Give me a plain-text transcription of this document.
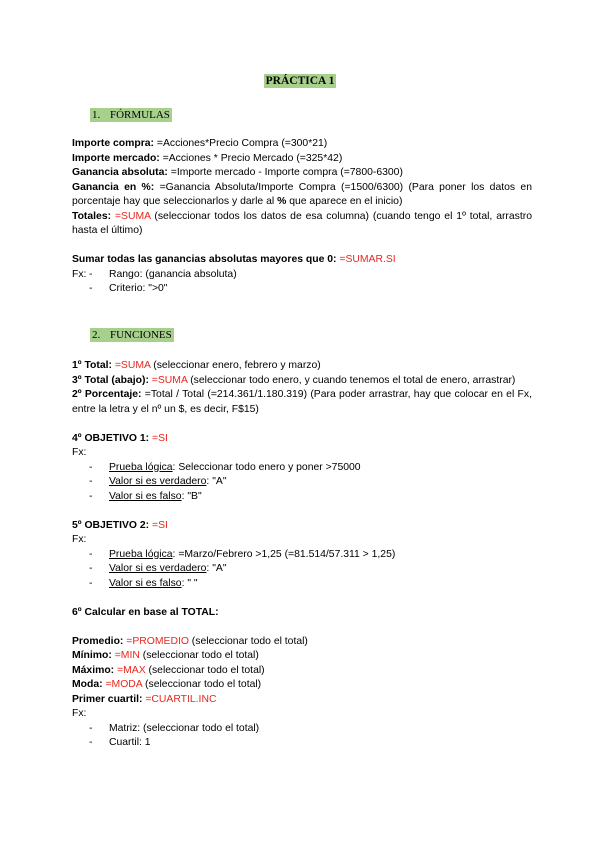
PRÁCTICA 1
1. FÓRMULAS
Importe compra: =Acciones*Precio Compra (=300*21)
Importe mercado: =Acciones * Precio Mercado (=325*42)
Ganancia absoluta: =Importe mercado - Importe compra (=7800-6300)
Ganancia en %: =Ganancia Absoluta/Importe Compra (=1500/6300) (Para poner los datos en porcentaje hay que seleccionarlos y darle al % que aparece en el inicio)
Totales: =SUMA (seleccionar todos los datos de esa columna) (cuando tengo el 1º total, arrastro hasta el último)
Sumar todas las ganancias absolutas mayores que 0: =SUMAR.SI
Fx: - Rango: (ganancia absoluta)
- Criterio: ">0"
2. FUNCIONES
1º Total: =SUMA (seleccionar enero, febrero y marzo)
3º Total (abajo): =SUMA (seleccionar todo enero, y cuando tenemos el total de enero, arrastrar)
2º Porcentaje: =Total / Total (=214.361/1.180.319) (Para poder arrastrar, hay que colocar en el Fx, entre la letra y el nº un $, es decir, F$15)
4º OBJETIVO 1: =SI
Fx:
- Prueba lógica: Seleccionar todo enero y poner >75000
- Valor si es verdadero: "A"
- Valor si es falso: "B"
5º OBJETIVO 2: =SI
Fx:
- Prueba lógica: =Marzo/Febrero >1,25 (=81.514/57.311 > 1,25)
- Valor si es verdadero: "A"
- Valor si es falso: " "
6º Calcular en base al TOTAL:
Promedio: =PROMEDIO (seleccionar todo el total)
Mínimo: =MIN (seleccionar todo el total)
Máximo: =MAX (seleccionar todo el total)
Moda: =MODA (seleccionar todo el total)
Primer cuartil: =CUARTIL.INC
Fx:
- Matriz: (seleccionar todo el total)
- Cuartil: 1
